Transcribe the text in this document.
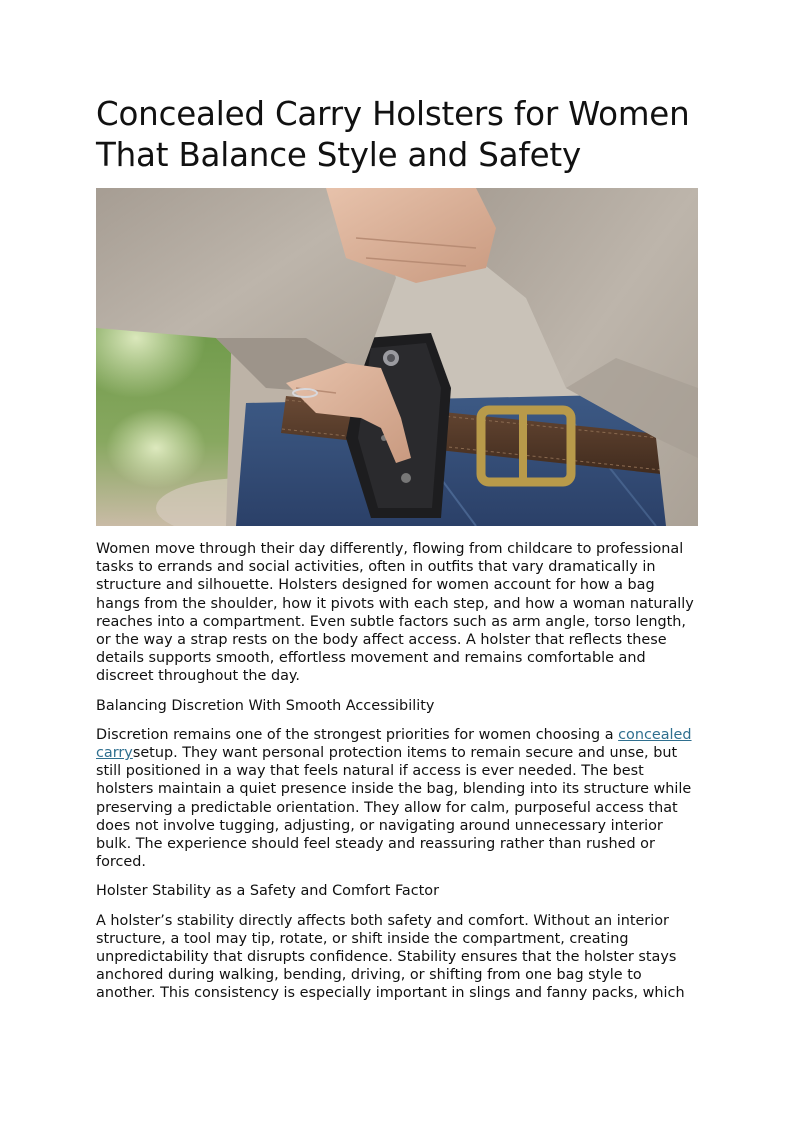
Concealed Carry Holsters for Women
That Balance Style and Safety

Women move through their day differently, flowing from childcare to professional tasks to errands and social activities, often in outfits that vary dramatically in structure and silhouette. Holsters designed for women account for how a bag hangs from the shoulder, how it pivots with each step, and how a woman naturally reaches into a compartment. Even subtle factors such as arm angle, torso length, or the way a strap rests on the body affect access. A holster that reflects these details supports smooth, effortless movement and remains comfortable and discreet throughout the day.

Balancing Discretion With Smooth Accessibility

Discretion remains one of the strongest priorities for women choosing a concealed carrysetup. They want personal protection items to remain secure and unse, but still positioned in a way that feels natural if access is ever needed. The best holsters maintain a quiet presence inside the bag, blending into its structure while preserving a predictable orientation. They allow for calm, purposeful access that does not involve tugging, adjusting, or navigating around unnecessary interior bulk. The experience should feel steady and reassuring rather than rushed or forced.

Holster Stability as a Safety and Comfort Factor

A holster’s stability directly affects both safety and comfort. Without an interior structure, a tool may tip, rotate, or shift inside the compartment, creating unpredictability that disrupts confidence. Stability ensures that the holster stays anchored during walking, bending, driving, or shifting from one bag style to another. This consistency is especially important in slings and fanny packs, which
